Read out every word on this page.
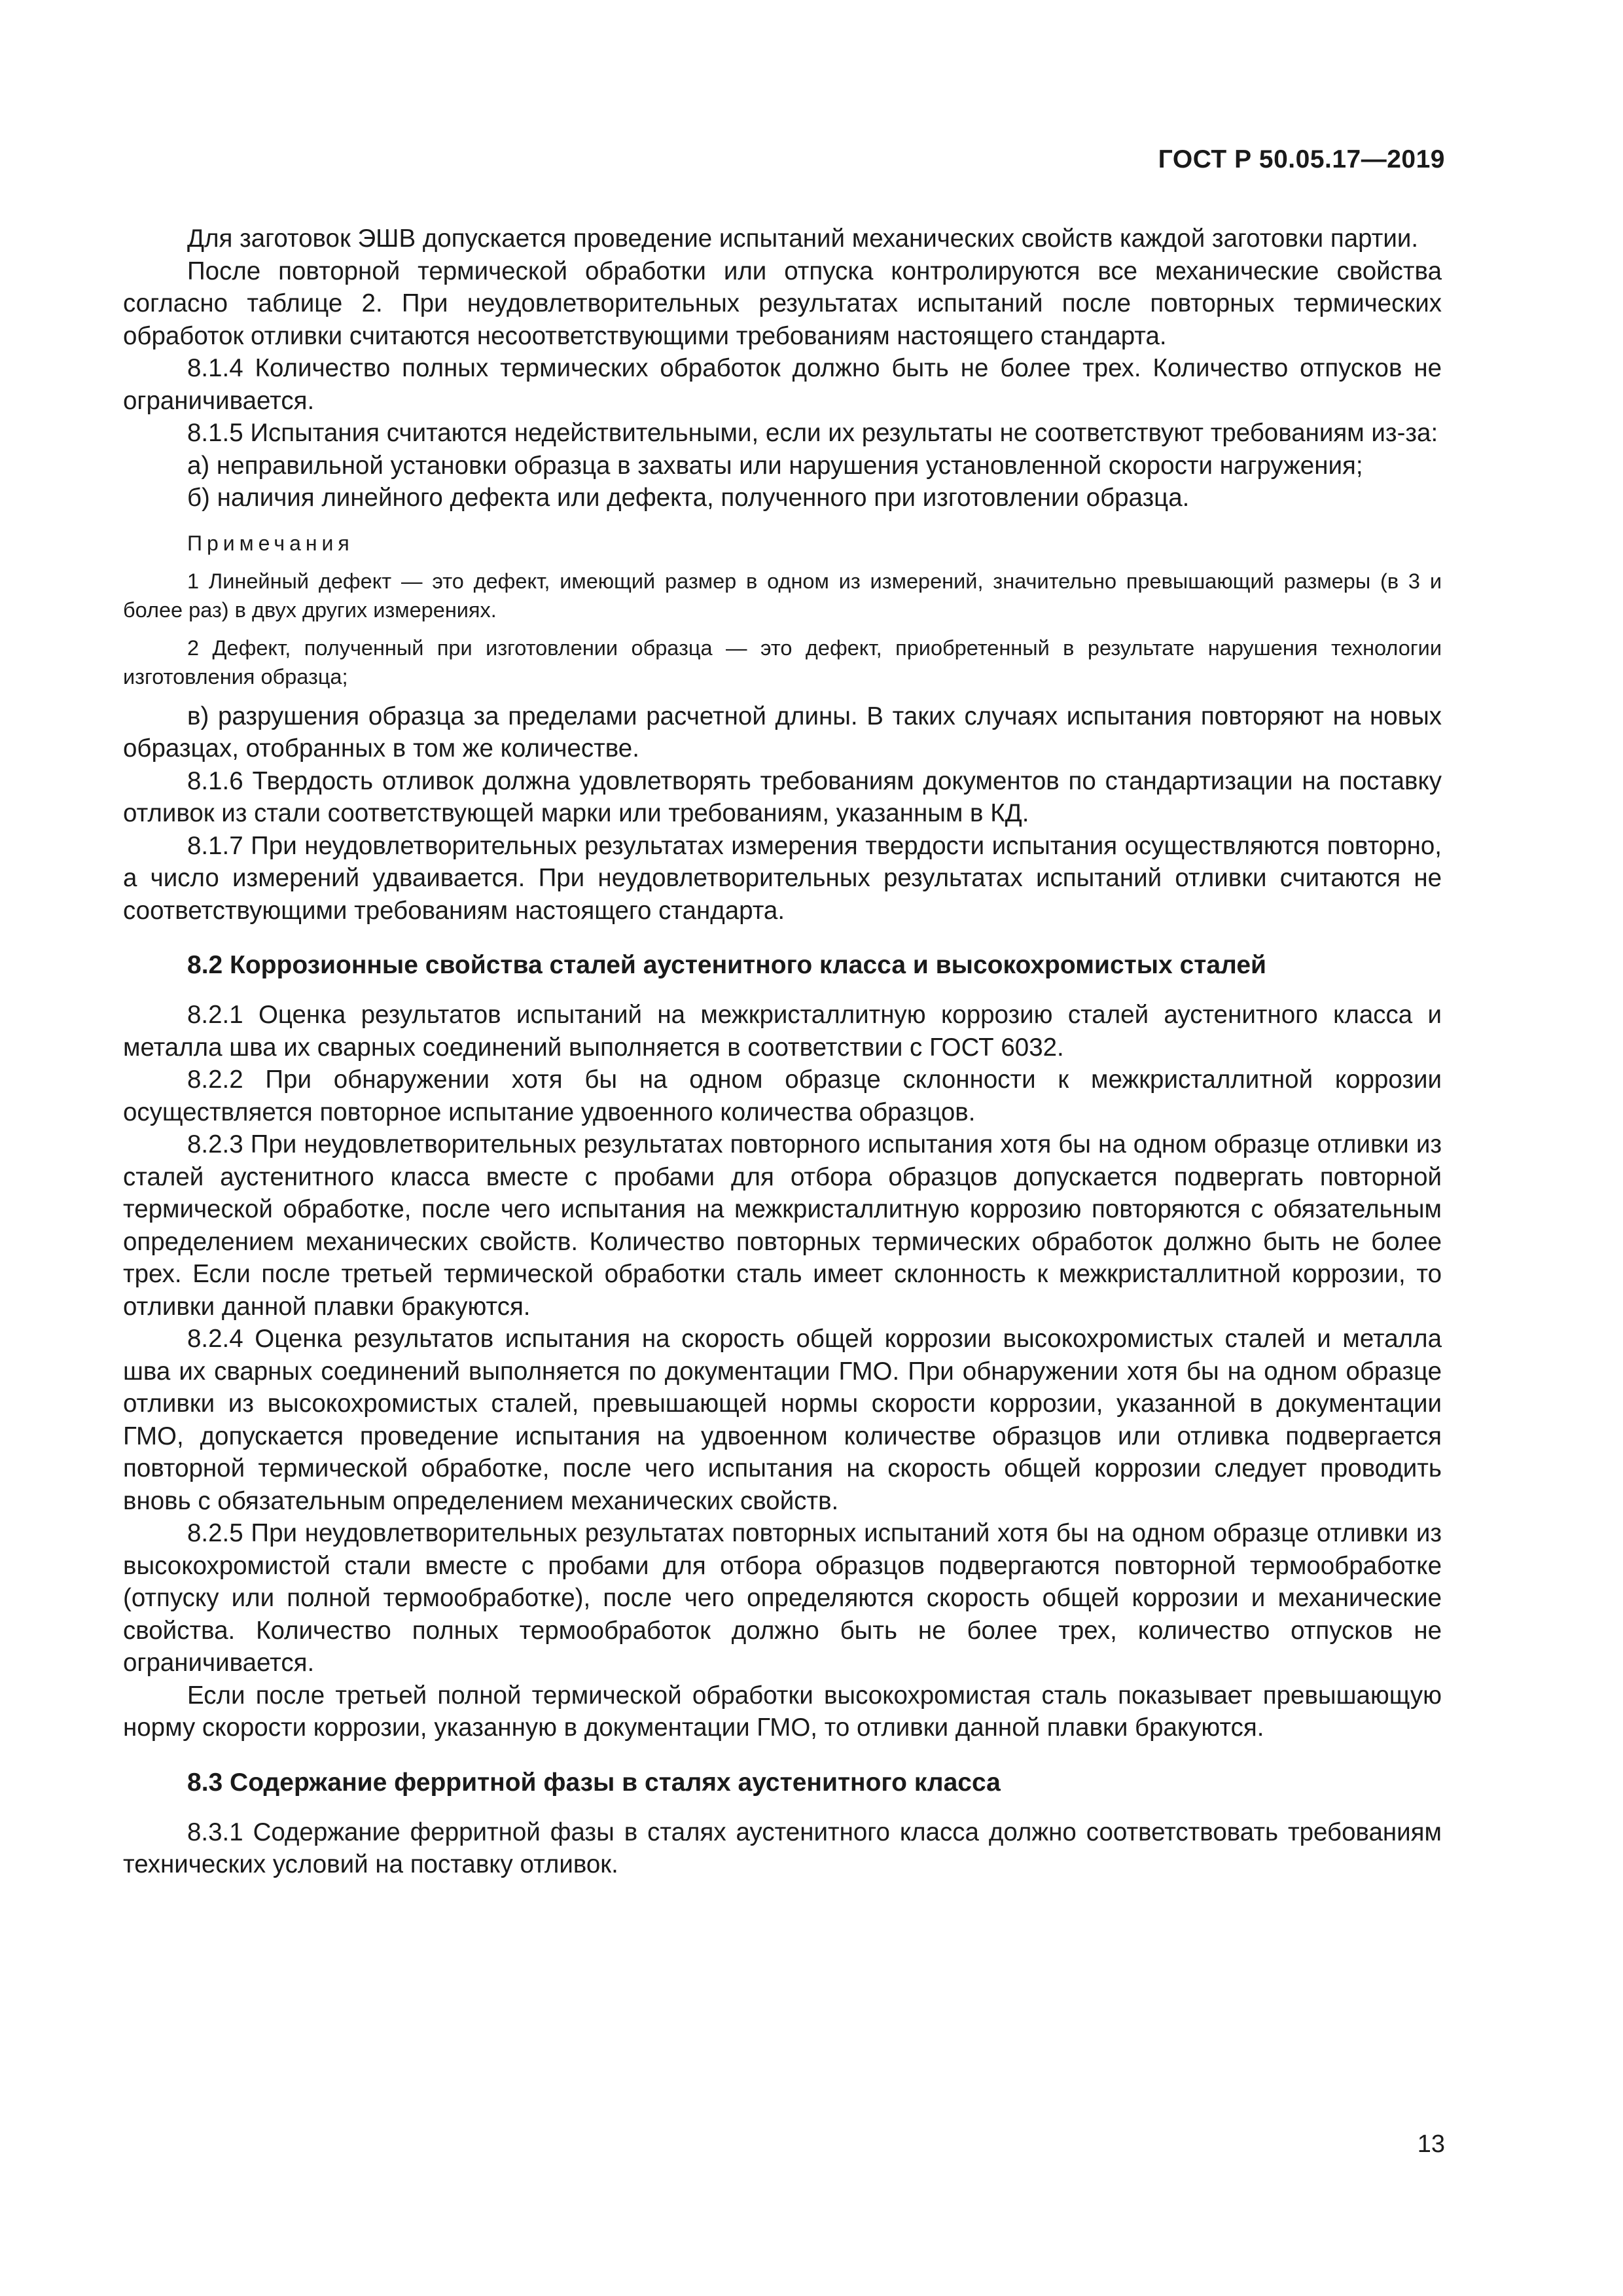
ГОСТ Р 50.05.17—2019

Для заготовок ЭШВ допускается проведение испытаний механических свойств каждой заготовки партии.

После повторной термической обработки или отпуска контролируются все механические свойства согласно таблице 2. При неудовлетворительных результатах испытаний после повторных термических обработок отливки считаются несоответствующими требованиям настоящего стандарта.

8.1.4 Количество полных термических обработок должно быть не более трех. Количество отпусков не ограничивается.

8.1.5 Испытания считаются недействительными, если их результаты не соответствуют требованиям из-за:

а) неправильной установки образца в захваты или нарушения установленной скорости нагружения;

б) наличия линейного дефекта или дефекта, полученного при изготовлении образца.

Примечания

1 Линейный дефект — это дефект, имеющий размер в одном из измерений, значительно превышающий размеры (в 3 и более раз) в двух других измерениях.

2 Дефект, полученный при изготовлении образца — это дефект, приобретенный в результате нарушения технологии изготовления образца;

в) разрушения образца за пределами расчетной длины. В таких случаях испытания повторяют на новых образцах, отобранных в том же количестве.

8.1.6 Твердость отливок должна удовлетворять требованиям документов по стандартизации на поставку отливок из стали соответствующей марки или требованиям, указанным в КД.

8.1.7 При неудовлетворительных результатах измерения твердости испытания осуществляются повторно, а число измерений удваивается. При неудовлетворительных результатах испытаний отливки считаются не соответствующими требованиям настоящего стандарта.

8.2 Коррозионные свойства сталей аустенитного класса и высокохромистых сталей

8.2.1 Оценка результатов испытаний на межкристаллитную коррозию сталей аустенитного класса и металла шва их сварных соединений выполняется в соответствии с ГОСТ 6032.

8.2.2 При обнаружении хотя бы на одном образце склонности к межкристаллитной коррозии осуществляется повторное испытание удвоенного количества образцов.

8.2.3 При неудовлетворительных результатах повторного испытания хотя бы на одном образце отливки из сталей аустенитного класса вместе с пробами для отбора образцов допускается подвергать повторной термической обработке, после чего испытания на межкристаллитную коррозию повторяются с обязательным определением механических свойств. Количество повторных термических обработок должно быть не более трех. Если после третьей термической обработки сталь имеет склонность к межкристаллитной коррозии, то отливки данной плавки бракуются.

8.2.4 Оценка результатов испытания на скорость общей коррозии высокохромистых сталей и металла шва их сварных соединений выполняется по документации ГМО. При обнаружении хотя бы на одном образце отливки из высокохромистых сталей, превышающей нормы скорости коррозии, указанной в документации ГМО, допускается проведение испытания на удвоенном количестве образцов или отливка подвергается повторной термической обработке, после чего испытания на скорость общей коррозии следует проводить вновь с обязательным определением механических свойств.

8.2.5 При неудовлетворительных результатах повторных испытаний хотя бы на одном образце отливки из высокохромистой стали вместе с пробами для отбора образцов подвергаются повторной термообработке (отпуску или полной термообработке), после чего определяются скорость общей коррозии и механические свойства. Количество полных термообработок должно быть не более трех, количество отпусков не ограничивается.

Если после третьей полной термической обработки высокохромистая сталь показывает превышающую норму скорости коррозии, указанную в документации ГМО, то отливки данной плавки бракуются.

8.3 Содержание ферритной фазы в сталях аустенитного класса

8.3.1 Содержание ферритной фазы в сталях аустенитного класса должно соответствовать требованиям технических условий на поставку отливок.

13
